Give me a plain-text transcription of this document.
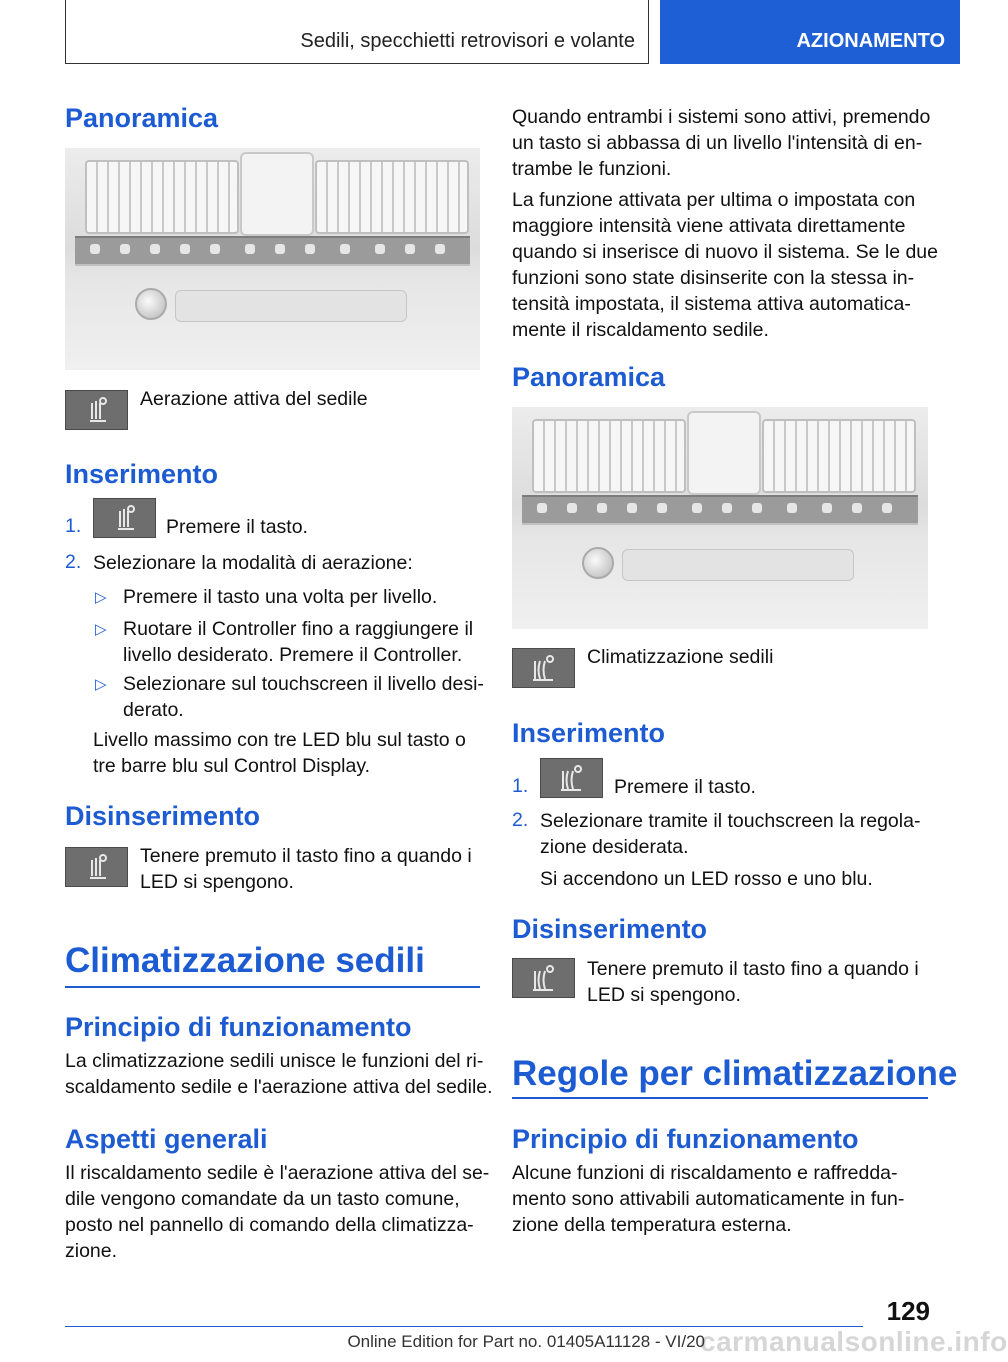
Sedili, specchietti retrovisori e volante	AZIONAMENTO
Panoramica
Aerazione attiva del sedile
Inserimento
1.	Premere il tasto.
2. Selezionare la modalità di aerazione:
▷ Premere il tasto una volta per livello.
▷ Ruotare il Controller fino a raggiungere il
livello desiderato. Premere il Controller.
▷ Selezionare sul touchscreen il livello desi-
derato.
Livello massimo con tre LED blu sul tasto o
tre barre blu sul Control Display.
Disinserimento
Tenere premuto il tasto fino a quando i
LED si spengono.
Climatizzazione sedili
Principio di funzionamento
La climatizzazione sedili unisce le funzioni del ri-
scaldamento sedile e l'aerazione attiva del sedile.
Aspetti generali
Il riscaldamento sedile è l'aerazione attiva del se-
dile vengono comandate da un tasto comune,
posto nel pannello di comando della climatizza-
zione.
Quando entrambi i sistemi sono attivi, premendo
un tasto si abbassa di un livello l'intensità di en-
trambe le funzioni.
La funzione attivata per ultima o impostata con
maggiore intensità viene attivata direttamente
quando si inserisce di nuovo il sistema. Se le due
funzioni sono state disinserite con la stessa in-
tensità impostata, il sistema attiva automatica-
mente il riscaldamento sedile.
Panoramica
Climatizzazione sedili
Inserimento
1.	Premere il tasto.
2. Selezionare tramite il touchscreen la regola-
zione desiderata.
Si accendono un LED rosso e uno blu.
Disinserimento
Tenere premuto il tasto fino a quando i
LED si spengono.
Regole per climatizzazione
Principio di funzionamento
Alcune funzioni di riscaldamento e raffredda-
mento sono attivabili automaticamente in fun-
zione della temperatura esterna.
129
carmanualsonline.info
Online Edition for Part no. 01405A11128 - VI/20
